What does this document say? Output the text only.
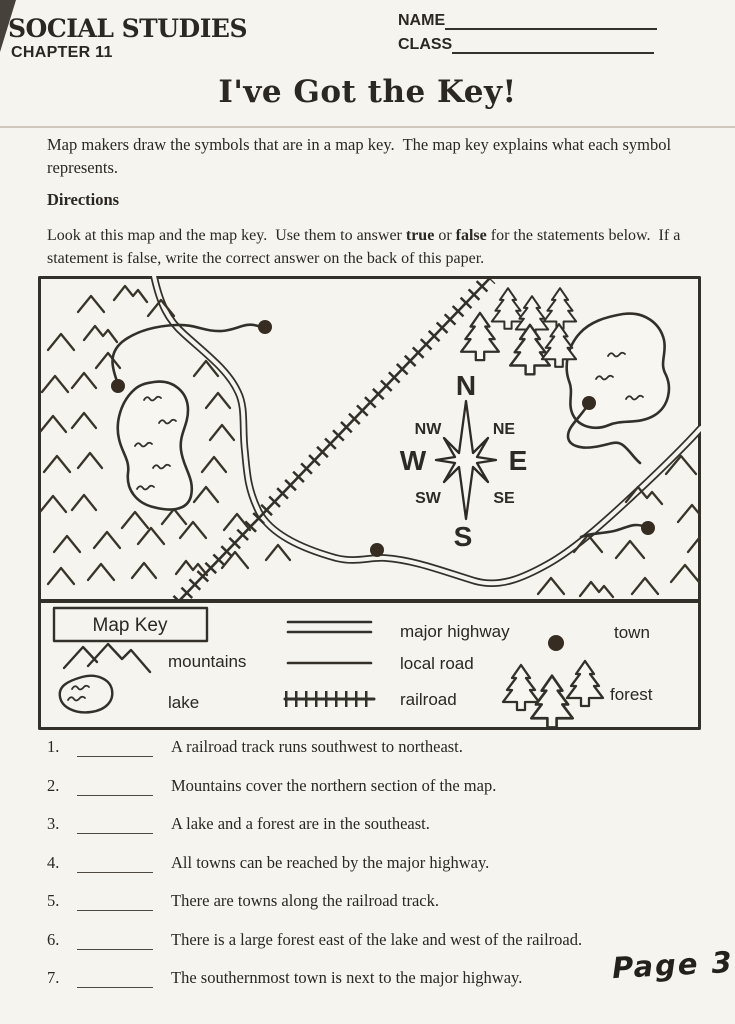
SOCIAL STUDIES
CHAPTER 11
NAME
CLASS
I've Got the Key!
Map makers draw the symbols that are in a map key.  The map key explains what each symbol represents.
Directions
Look at this map and the map key.  Use them to answer true or false for the statements below.  If a statement is false, write the correct answer on the back of this paper.
N
NE
E
SE
S
SW
W
NW
Map Key
mountains
lake
major highway
local road
railroad
town
forest
1.	A railroad track runs southwest to northeast.
2.	Mountains cover the northern section of the map.
3.	A lake and a forest are in the southeast.
4.	All towns can be reached by the major highway.
5.	There are towns along the railroad track.
6.	There is a large forest east of the lake and west of the railroad.
7.	The southernmost town is next to the major highway.	Page 3
